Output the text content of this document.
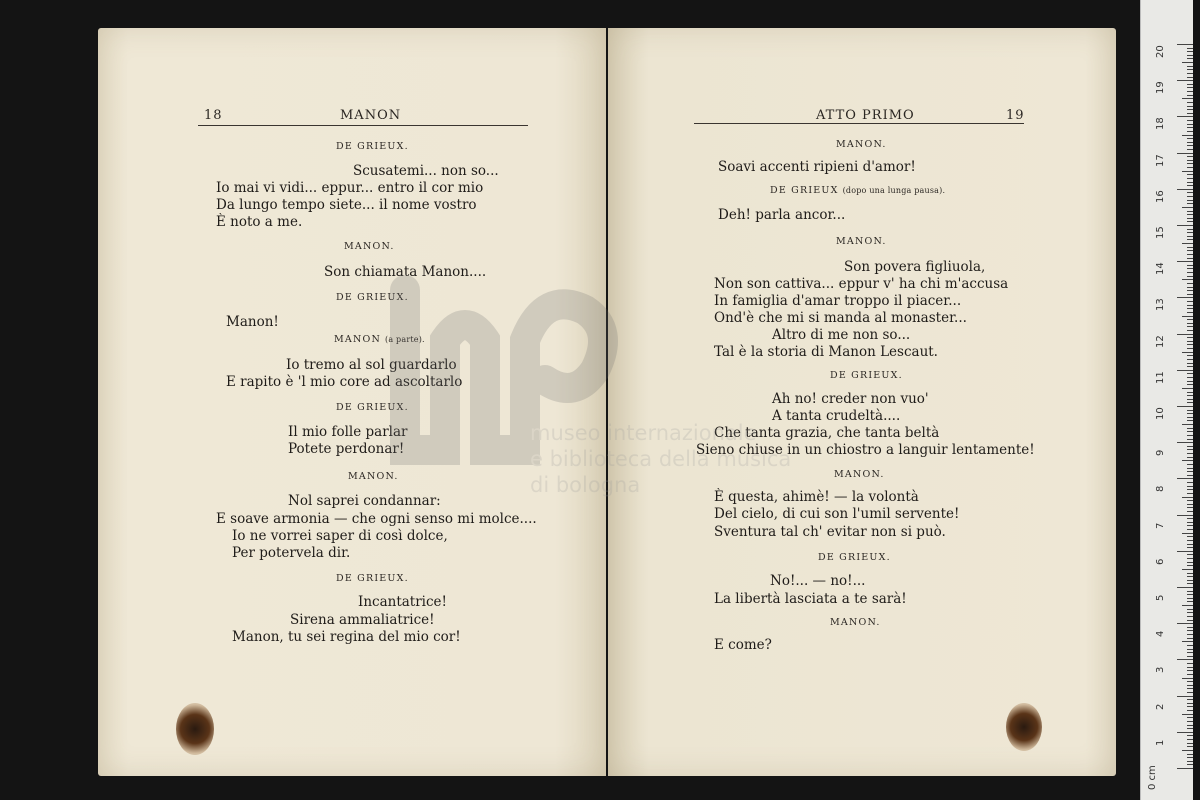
18	MANON
DE GRIEUX.
Scusatemi... non so...
Io mai vi vidi... eppur... entro il cor mio
Da lungo tempo siete... il nome vostro
È noto a me.
MANON.
Son chiamata Manon....
DE GRIEUX.
Manon!
MANON (a parte).
Io tremo al sol guardarlo
E rapito è 'l mio core ad ascoltarlo
DE GRIEUX.
Il mio folle parlar
Potete perdonar!
MANON.
Nol saprei condannar:
E soave armonia — che ogni senso mi molce....
Io ne vorrei saper di così dolce,
Per potervela dir.
DE GRIEUX.
Incantatrice!
Sirena ammaliatrice!
Manon, tu sei regina del mio cor!
ATTO PRIMO	19
MANON.
Soavi accenti ripieni d'amor!
DE GRIEUX (dopo una lunga pausa).
Deh! parla ancor...
MANON.
Son povera figliuola,
Non son cattiva... eppur v' ha chi m'accusa
In famiglia d'amar troppo il piacer...
Ond'è che mi si manda al monaster...
Altro di me non so...
Tal è la storia di Manon Lescaut.
DE GRIEUX.
Ah no! creder non vuo'
A tanta crudeltà....
Che tanta grazia, che tanta beltà
Sieno chiuse in un chiostro a languir lentamente!
MANON.
È questa, ahimè! — la volontà
Del cielo, di cui son l'umil servente!
Sventura tal ch' evitar non si può.
DE GRIEUX.
No!... — no!...
La libertà lasciata a te sarà!
MANON.
E come?
museo internazionale
e biblioteca della musica
di bologna
0 cm
1
2
3
4
5
6
7
8
9
10
11
12
13
14
15
16
17
18
19
20
